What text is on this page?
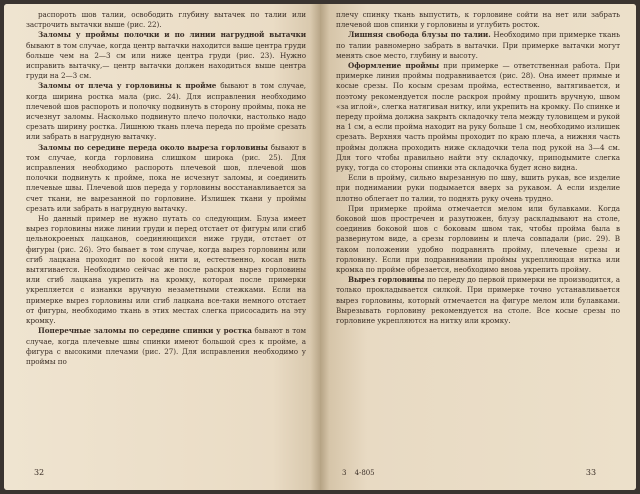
распороть шов талии, освободить глубину вытачек по талии или застрочить вытачки выше (рис. 22).

Заломы у проймы полочки и по линии нагрудной вытачки бывают в том случае, когда центр вытачки находится выше центра груди больше чем на 2—3 см или ниже центра груди (рис. 23). Нужно исправить вытачку,— центр вытачки должен находиться выше центра груди на 2—3 см.

Заломы от плеча у горловины к пройме бывают в том случае, когда ширина ростка мала (рис. 24). Для исправления необходимо плечевой шов распороть и полочку подвинуть в сторону проймы, пока не исчезнут заломы. Насколько подвинуто плечо полочки, настолько надо срезать ширину ростка. Лишнюю ткань плеча переда по пройме срезать или забрать в нагрудную вытачку.

Заломы по середине переда около выреза горловины бывают в том случае, когда горловина слишком широка (рис. 25). Для исправления необходимо распороть плечевой шов, плечевой шов полочки подвинуть к пройме, пока не исчезнут заломы, и соединить плечевые швы. Плечевой шов переда у горловины восстанавливается за счет ткани, не вырезанной по горловине. Излишек ткани у проймы срезать или забрать в нагрудную вытачку.

Но данный пример не нужно путать со следующим. Блуза имеет вырез горловины ниже линии груди и перед отстает от фигуры или сгиб цельнокроеных лацканов, соединяющихся ниже груди, отстает от фигуры (рис. 26). Это бывает в том случае, когда вырез горловины или сгиб лацкана проходят по косой нити и, естественно, косая нить вытягивается. Необходимо сейчас же после раскроя вырез горловины или сгиб лацкана укрепить на кромку, которая после примерки укрепляется с изнанки вручную незаметными стежками. Если на примерке вырез горловины или сгиб лацкана все-таки немного отстает от фигуры, необходимо ткань в этих местах слегка приcосадить на эту кромку.

Поперечные заломы по середине спинки у ростка бывают в том случае, когда плечевые швы спинки имеют большой срез к пройме, а фигура с высокими плечами (рис. 27). Для исправления необходимо у проймы по

32

плечу спинку ткань выпустить, к горловине сойти на нет или забрать плечевой шов спинки у горловины и углубить росток.

Лишняя свобода блузы по талии. Необходимо при примерке ткань по талии равномерно забрать в вытачки. При примерке вытачки могут менять свое место, глубину и высоту.

Оформление проймы при примерке — ответственная работа. При примерке линия проймы подравнивается (рис. 28). Она имеет прямые и косые срезы. По косым срезам пройма, естественно, вытягивается, и поэтому рекомендуется после раскроя пройму прошить вручную, швом «за иглой», слегка натягивая нитку, или укрепить на кромку. По спинке и переду пройма должна закрыть складочку тела между туловищем и рукой на 1 см, а если пройма находит на руку больше 1 см, необходимо излишек срезать. Верхняя часть проймы проходит по краю плеча, а нижняя часть проймы должна проходить ниже складочки тела под рукой на 3—4 см. Для того чтобы правильно найти эту складочку, приподымите слегка руку, тогда со стороны спинки эта складочка будет ясно видна.

Если в пройму, сильно вырезанную по шву, вшить рукав, все изделие при поднимании руки подымается вверх за рукавом. А если изделие плотно облегает по талии, то поднять руку очень трудно.

При примерке пройма отмечается мелом или булавками. Когда боковой шов простречен и разутюжен, блузу раскладывают на столе, соединив боковой шов с боковым швом так, чтобы пройма была в развернутом виде, а срезы горловины и плеча совпадали (рис. 29). В таком положении удобно подравнять пройму, плечевые срезы и горловину. Если при подравнивании проймы укрепляющая нитка или кромка по пройме обрезается, необходимо вновь укрепить пройму.

Вырез горловины по переду до первой примерки не производится, а только прокладывается силкой. При примерке точно устанавливается вырез горловины, который отмечается на фигуре мелом или булавками. Вырезывать горловину рекомендуется на столе. Все косые срезы по горловине укрепляются на нитку или кромку.

3 4-805	33
